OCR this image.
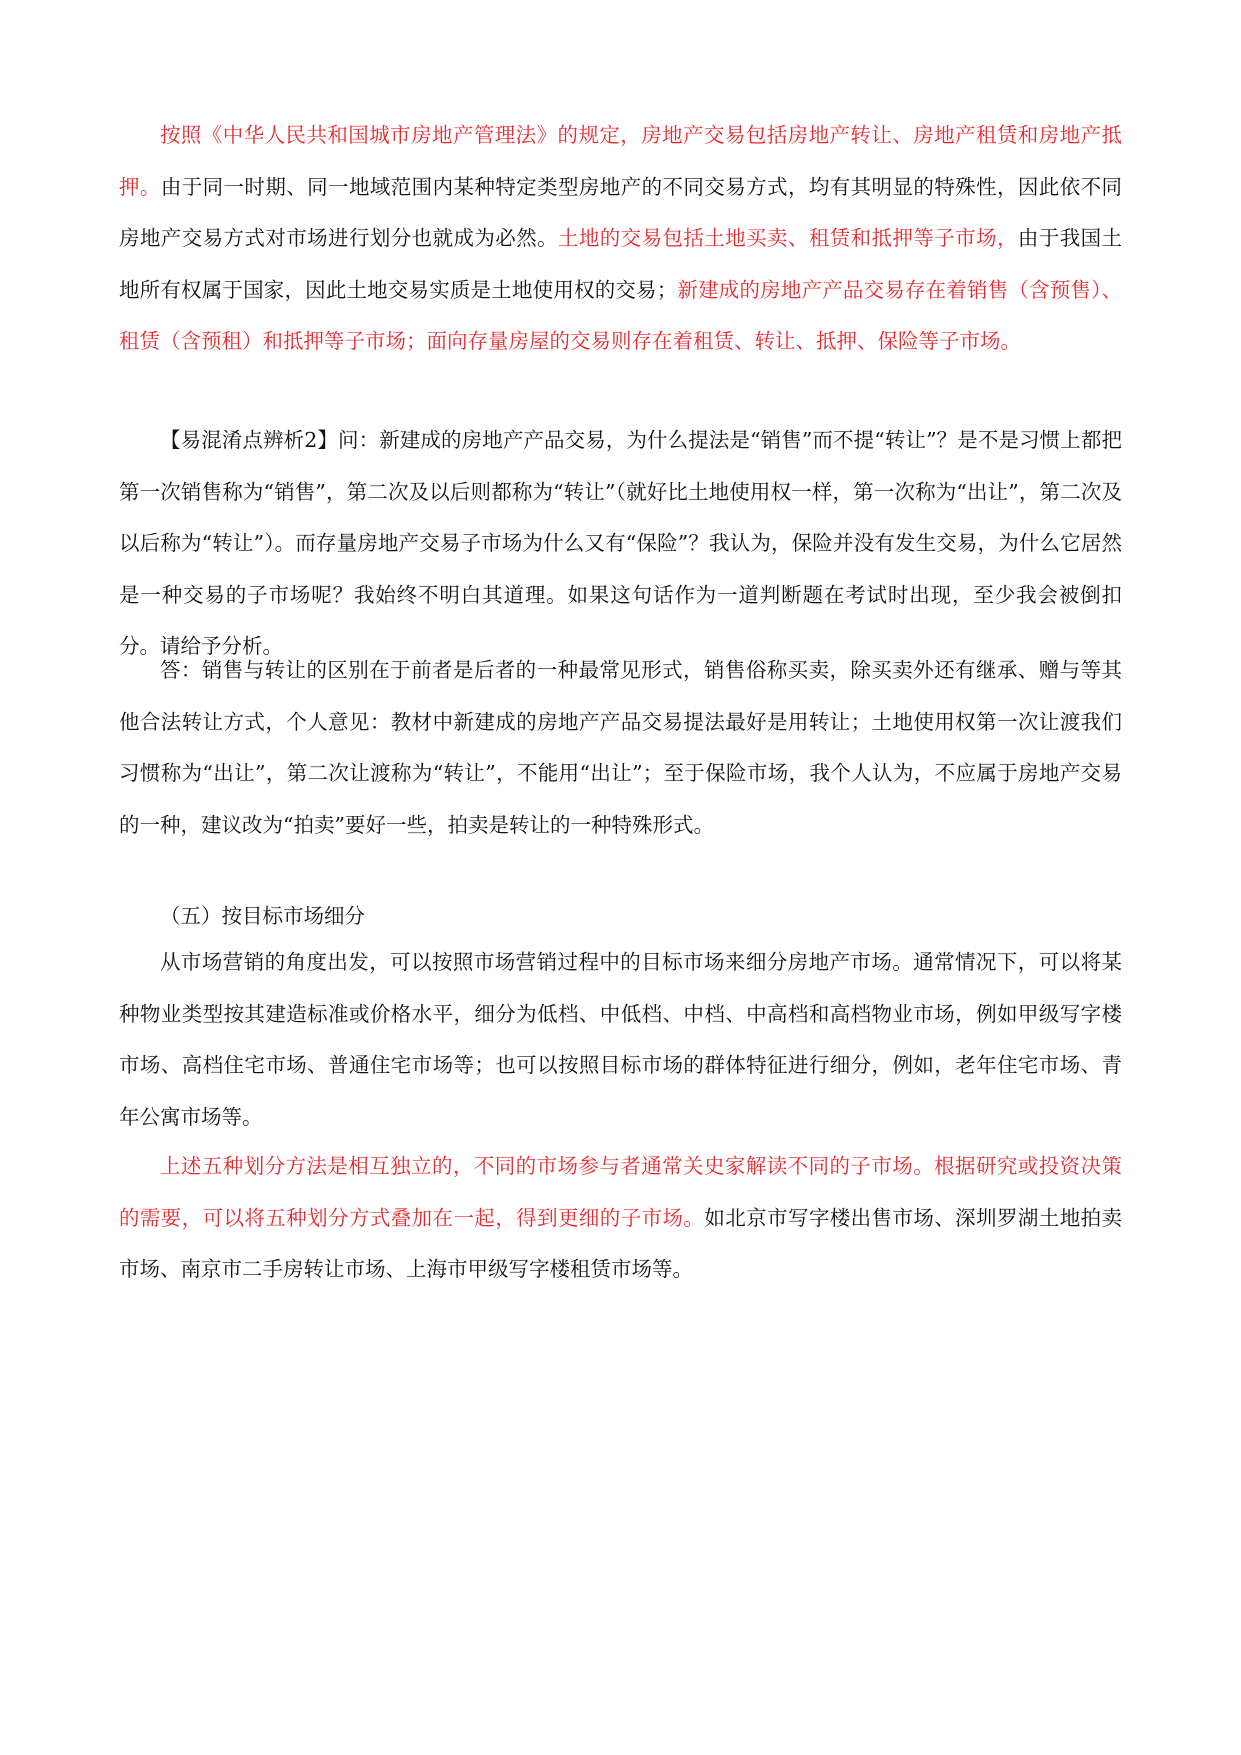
按照《中华人民共和国城市房地产管理法》的规定，房地产交易包括房地产转让、房地产租赁和房地产抵押。由于同一时期、同一地域范围内某种特定类型房地产的不同交易方式，均有其明显的特殊性，因此依不同房地产交易方式对市场进行划分也就成为必然。土地的交易包括土地买卖、租赁和抵押等子市场，由于我国土地所有权属于国家，因此土地交易实质是土地使用权的交易；新建成的房地产产品交易存在着销售（含预售）、租赁（含预租）和抵押等子市场；面向存量房屋的交易则存在着租赁、转让、抵押、保险等子市场。

【易混淆点辨析2】问：新建成的房地产产品交易，为什么提法是“销售”而不提“转让”？是不是习惯上都把第一次销售称为“销售”，第二次及以后则都称为“转让”（就好比土地使用权一样，第一次称为“出让”，第二次及以后称为“转让”）。而存量房地产交易子市场为什么又有“保险”？我认为，保险并没有发生交易，为什么它居然是一种交易的子市场呢？我始终不明白其道理。如果这句话作为一道判断题在考试时出现，至少我会被倒扣分。请给予分析。

答：销售与转让的区别在于前者是后者的一种最常见形式，销售俗称买卖，除买卖外还有继承、赠与等其他合法转让方式，个人意见：教材中新建成的房地产产品交易提法最好是用转让；土地使用权第一次让渡我们习惯称为“出让”，第二次让渡称为“转让”，不能用“出让”；至于保险市场，我个人认为，不应属于房地产交易的一种，建议改为“拍卖”要好一些，拍卖是转让的一种特殊形式。

（五）按目标市场细分

从市场营销的角度出发，可以按照市场营销过程中的目标市场来细分房地产市场。通常情况下，可以将某种物业类型按其建造标准或价格水平，细分为低档、中低档、中档、中高档和高档物业市场，例如甲级写字楼市场、高档住宅市场、普通住宅市场等；也可以按照目标市场的群体特征进行细分，例如，老年住宅市场、青年公寓市场等。

上述五种划分方法是相互独立的，不同的市场参与者通常关史家解读不同的子市场。根据研究或投资决策的需要，可以将五种划分方式叠加在一起，得到更细的子市场。如北京市写字楼出售市场、深圳罗湖土地拍卖市场、南京市二手房转让市场、上海市甲级写字楼租赁市场等。
